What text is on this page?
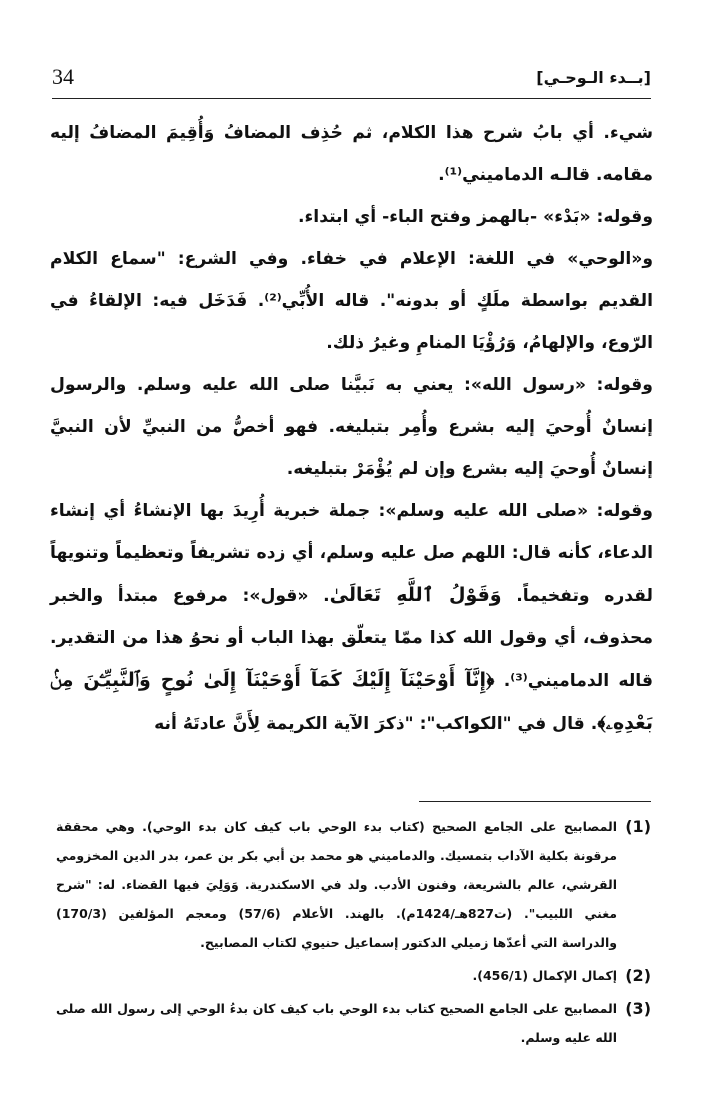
34	[بــدء الـوحـي]

شيء. أي بابُ شرح هذا الكلام، ثم حُذِف المضافُ وَأُقِيمَ المضافُ إليه مقامه. قالـه الدماميني⁽¹⁾.

وقوله: «بَدْء» -بالهمز وفتح الباء- أي ابتداء.

و«الوحي» في اللغة: الإعلام في خفاء. وفي الشرع: "سماع الكلام القديم بواسطة ملَكٍ أو بدونه". قاله الأُبِّي⁽²⁾. فَدَخَل فيه: الإلقاءُ في الرّوع، والإلهامُ، وَرُؤْيَا المنامِ وغيرُ ذلك.

وقوله: «رسول الله»: يعني به نَبيَّنا صلى الله عليه وسلم. والرسول إنسانٌ أُوحيَ إليه بشرع وأُمِر بتبليغه. فهو أخصُّ من النبيِّ لأن النبيَّ إنسانٌ أُوحيَ إليه بشرع وإن لم يُؤْمَرْ بتبليغه.

وقوله: «صلى الله عليه وسلم»: جملة خبرية أُرِيدَ بها الإنشاءُ أي إنشاء الدعاء، كأنه قال: اللهم صل عليه وسلم، أي زده تشريفاً وتعظيماً وتنويهاً لقدره وتفخيماً. وَقَوْلُ ٱللَّهِ تَعَالَىٰ. «قول»: مرفوع مبتدأ والخبر محذوف، أي وقول الله كذا ممّا يتعلّق بهذا الباب أو نحوُ هذا من التقدير. قاله الدماميني⁽³⁾. ﴿إِنَّآ أَوْحَيْنَآ إِلَيْكَ كَمَآ أَوْحَيْنَآ إِلَىٰ نُوحٍ وَٱلنَّبِيِّـۧنَ مِنۢ بَعْدِهِۦ﴾. قال في "الكواكب": "ذكرَ الآية الكريمة لِأَنَّ عادتَهُ أنه

(1)
المصابيح على الجامع الصحيح (كتاب بدء الوحي باب كيف كان بدء الوحي). وهي محققة مرقونة بكلية الآداب بتمسيك. والدماميني هو محمد بن أبي بكر بن عمر، بدر الدين المخزومي القرشي، عالم بالشريعة، وفنون الأدب. ولد في الاسكندرية. وَوَلِيَ فيها القضاء. له: "شرح مغني اللبيب". (ت827هـ/1424م). بالهند. الأعلام (57/6) ومعجم المؤلفين (170/3) والدراسة التي أعدّها زميلي الدكتور إسماعيل حنيوي لكتاب المصابيح.
(2)
إكمال الإكمال (456/1).
(3)
المصابيح على الجامع الصحيح كتاب بدء الوحي باب كيف كان بدءُ الوحي إلى رسول الله صلى الله عليه وسلم.
